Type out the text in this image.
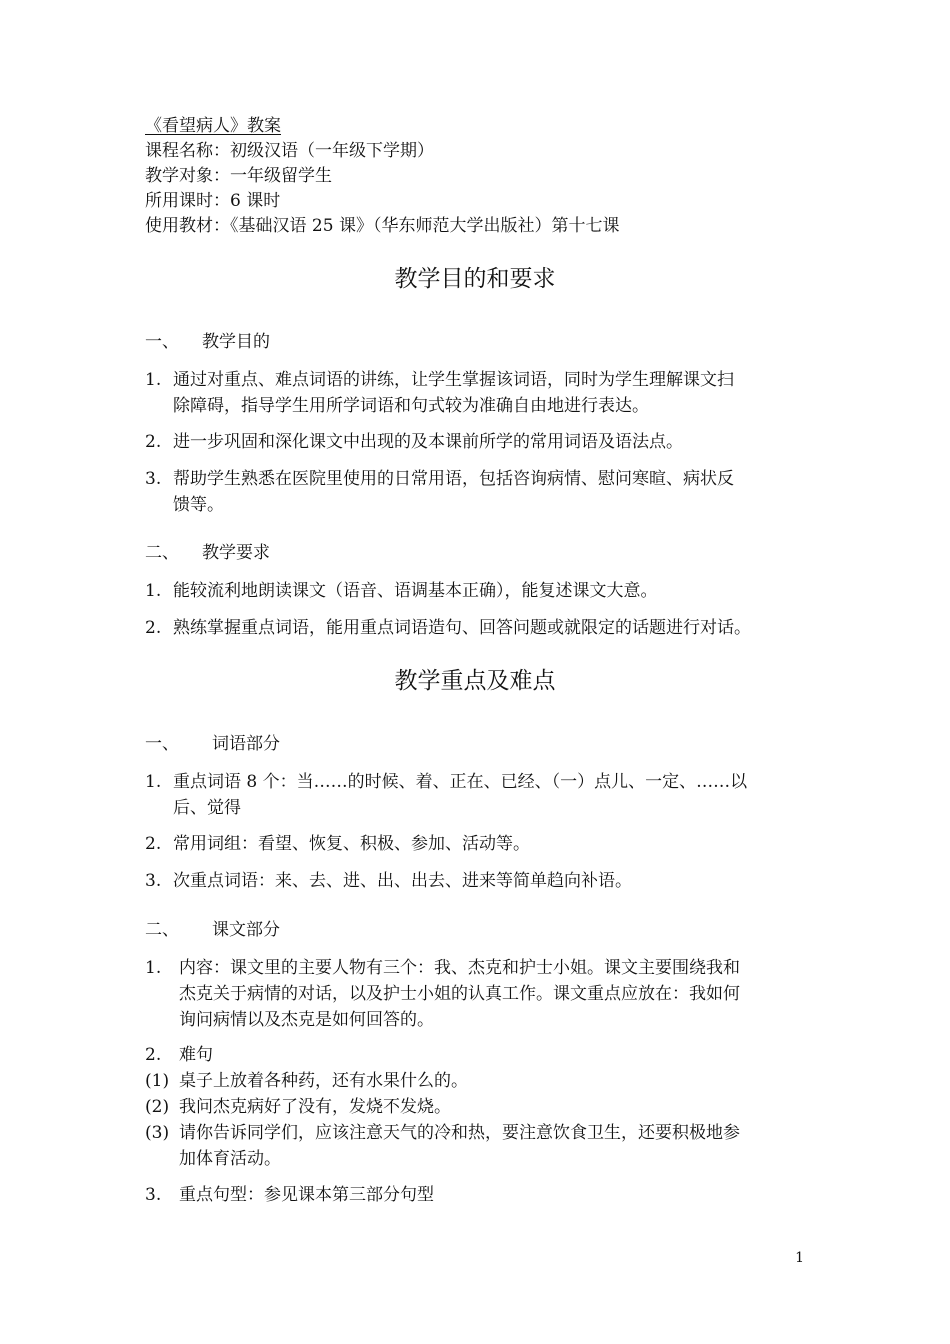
《看望病人》教案
课程名称：初级汉语（一年级下学期）
教学对象：一年级留学生
所用课时：6 课时
使用教材：《基础汉语 25 课》（华东师范大学出版社）第十七课
教学目的和要求
一、 教学目的
1. 通过对重点、难点词语的讲练，让学生掌握该词语，同时为学生理解课文扫
除障碍，指导学生用所学词语和句式较为准确自由地进行表达。
2. 进一步巩固和深化课文中出现的及本课前所学的常用词语及语法点。
3. 帮助学生熟悉在医院里使用的日常用语，包括咨询病情、慰问寒暄、病状反
馈等。
二、 教学要求
1. 能较流利地朗读课文（语音、语调基本正确），能复述课文大意。
2. 熟练掌握重点词语，能用重点词语造句、回答问题或就限定的话题进行对话。
教学重点及难点
一、 词语部分
1. 重点词语 8 个：当……的时候、着、正在、已经、（一）点儿、一定、……以
后、觉得
2. 常用词组：看望、恢复、积极、参加、活动等。
3. 次重点词语：来、去、进、出、出去、进来等简单趋向补语。
二、 课文部分
1. 内容：课文里的主要人物有三个：我、杰克和护士小姐。课文主要围绕我和
杰克关于病情的对话，以及护士小姐的认真工作。课文重点应放在：我如何
询问病情以及杰克是如何回答的。
2. 难句
(1) 桌子上放着各种药，还有水果什么的。
(2) 我问杰克病好了没有，发烧不发烧。
(3) 请你告诉同学们，应该注意天气的冷和热，要注意饮食卫生，还要积极地参
加体育活动。
3. 重点句型：参见课本第三部分句型
1
